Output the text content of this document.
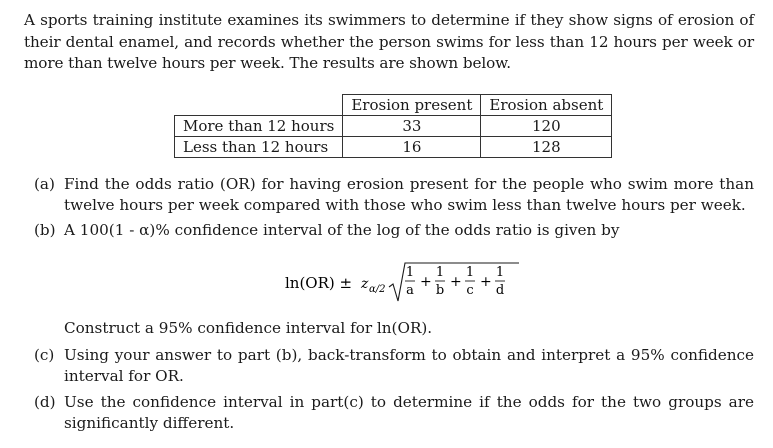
A sports training institute examines its swimmers to determine if they show signs of erosion of their dental enamel, and records whether the person swims for less than 12 hours per week or more than twelve hours per week. The results are shown below.
	Erosion present	Erosion absent
More than 12 hours	33	120
Less than 12 hours	16	128
(a) Find the odds ratio (OR) for having erosion present for the people who swim more than twelve hours per week compared with those who swim less than twelve hours per week.
(b) A 100(1 - α)% confidence interval of the log of the odds ratio is given by
ln(OR) ± z α/2
1
a
+
1
b
+
1
c
+
1
d
Construct a 95% confidence interval for ln(OR).
(c) Using your answer to part (b), back-transform to obtain and interpret a 95% confidence interval for OR.
(d) Use the confidence interval in part(c) to determine if the odds for the two groups are significantly different.
